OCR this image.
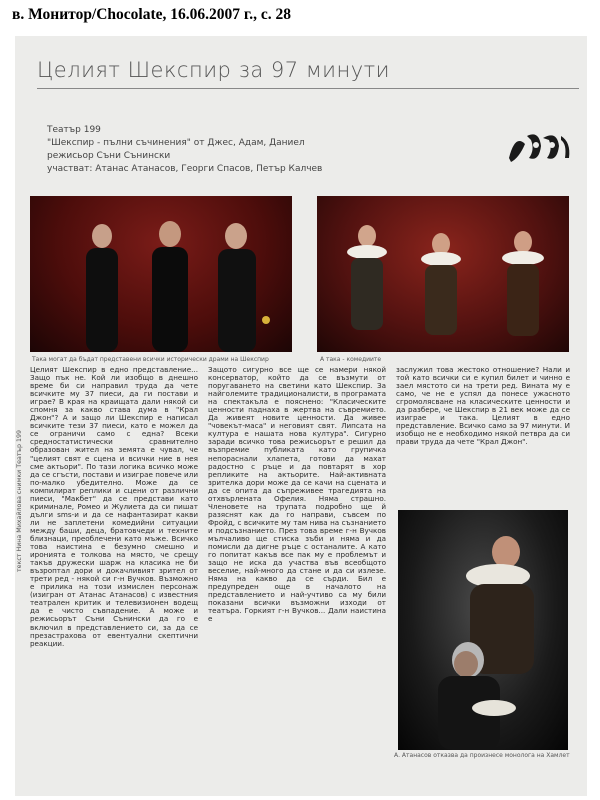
в. Монитор/Chocolate, 16.06.2007 г., с. 28
Целият Шекспир за 97 минути
Театър 199
"Шекспир - пълни съчинения" от Джес, Адам, Даниел
режисьор Съни Сънински
участват: Атанас Атанасов, Георги Спасов, Петър Калчев
Така могат да бъдат представени всички исторически драми на Шекспир	А така - комедиите
текст Нина Михайлова снимки Театър 199
Целият Шекспир в едно представление... Защо пък не. Кой ли изобщо в днешно време би си направил труда да чете всичките му 37 пиеси, да ги постави и играе? В края на краищата дали някой си спомня за какво става дума в "Крал Джон"? А и защо ли Шекспир е написал всичките тези 37 пиеси, като е можел да се ограничи само с една? Всеки средностатистически сравнително образован жител на земята е чувал, че "целият свят е сцена и всички ние в нея сме актьори". По тази логика всичко може да се сгъсти, постави и изиграе повече или по-малко убедително. Може да се компилират реплики и сцени от различни пиеси, "Макбет" да се представи като криминале, Ромео и Жулиета да си пишат дълги sms-и и да се нафантазират какви ли не заплетени комедийни ситуации между баши, деца, братовчеди и техните близнаци, преоблечени като мъже. Всичко това наистина е безумно смешно и иронията е толкова на място, че срещу такъв дружески шарж на класика не би възроптал дори и докачливият зрител от трети ред - някой си г-н Вучков. Възможно е прилика на този измислен персонаж (изигран от Атанас Атанасов) с известния театрален критик и телевизионен водещ да е чисто съвпадение. А може и режисьорът Съни Сънински да го е включил в представлението си, за да се презастрахова от евентуални скептични реакции.
Защото сигурно все ще се намери някой консерватор, който да се възмути от поругаването на светини като Шекспир. За найголемите традиционалисти, в програмата на спектакъла е пояснено: "Класическите ценности паднаха в жертва на съвремието. Да живеят новите ценности. Да живее "човекът-маса" и неговият свят. Липсата на култура е нашата нова култура". Сигурно заради всичко това режисьорът е решил да възпремие публиката като групичка непораснали хлапета, готови да махат радостно с ръце и да повтарят в хор репликите на актьорите. Най-активната зрителка дори може да се качи на сцената и да се опита да съпреживее трагедията на отхвърлената Офелия. Няма страшно. Членовете на трупата подробно ще й разяснят как да го направи, съвсем по Фройд, с всичките му там нива на съзнанието и подсъзнанието. През това време г-н Вучков мълчаливо ще стиска зъби и няма и да помисли да дигне ръце с останалите. А като го попитат какъв все пак му е проблемът и защо не иска да участва във всеобщото веселие, най-много да стане и да си излезе. Няма на какво да се сърди. Бил е предупреден още в началото на представлението и най-учтиво са му били показани всички възможни изходи от театъра. Горкият г-н Вучков... Дали наистина е
заслужил това жестоко отношение? Нали и той като всички си е купил билет и чинно е заел мястото си на трети ред. Вината му е само, че не е успял да понесе ужасното сгромолясване на класическите ценности и да разбере, че Шекспир в 21 век може да се изиграе и така. Целият в едно представление. Всичко само за 97 минути. И изобщо не е необходимо някой петвра да си прави труда да чете "Крал Джон".
А. Атанасов отказва да произнесе монолога на Хамлет
